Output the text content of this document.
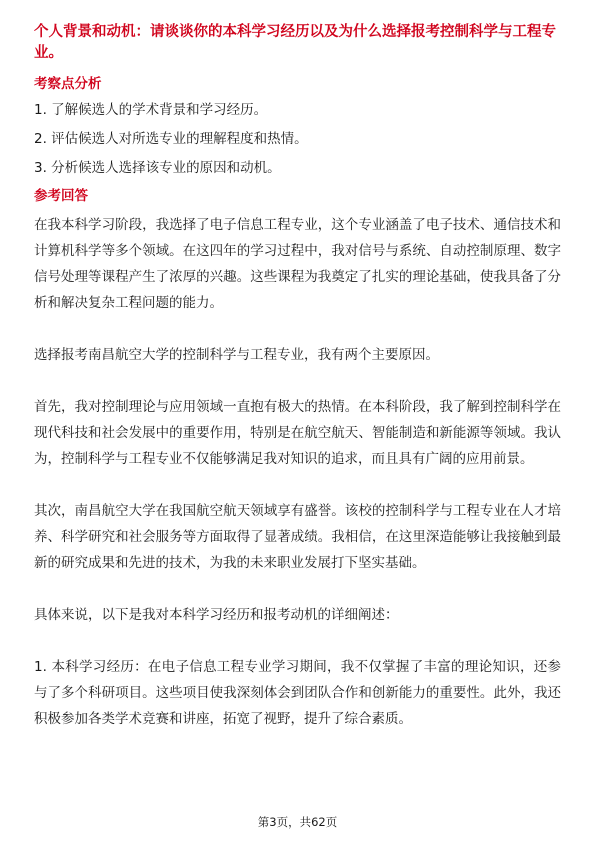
个人背景和动机：请谈谈你的本科学习经历以及为什么选择报考控制科学与工程专业。

考察点分析

1. 了解候选人的学术背景和学习经历。

2. 评估候选人对所选专业的理解程度和热情。

3. 分析候选人选择该专业的原因和动机。

参考回答

在我本科学习阶段，我选择了电子信息工程专业，这个专业涵盖了电子技术、通信技术和计算机科学等多个领域。在这四年的学习过程中，我对信号与系统、自动控制原理、数字信号处理等课程产生了浓厚的兴趣。这些课程为我奠定了扎实的理论基础，使我具备了分析和解决复杂工程问题的能力。

选择报考南昌航空大学的控制科学与工程专业，我有两个主要原因。

首先，我对控制理论与应用领域一直抱有极大的热情。在本科阶段，我了解到控制科学在现代科技和社会发展中的重要作用，特别是在航空航天、智能制造和新能源等领域。我认为，控制科学与工程专业不仅能够满足我对知识的追求，而且具有广阔的应用前景。

其次，南昌航空大学在我国航空航天领域享有盛誉。该校的控制科学与工程专业在人才培养、科学研究和社会服务等方面取得了显著成绩。我相信，在这里深造能够让我接触到最新的研究成果和先进的技术，为我的未来职业发展打下坚实基础。

具体来说，以下是我对本科学习经历和报考动机的详细阐述：

1. 本科学习经历：在电子信息工程专业学习期间，我不仅掌握了丰富的理论知识，还参与了多个科研项目。这些项目使我深刻体会到团队合作和创新能力的重要性。此外，我还积极参加各类学术竞赛和讲座，拓宽了视野，提升了综合素质。

第3页，共62页
